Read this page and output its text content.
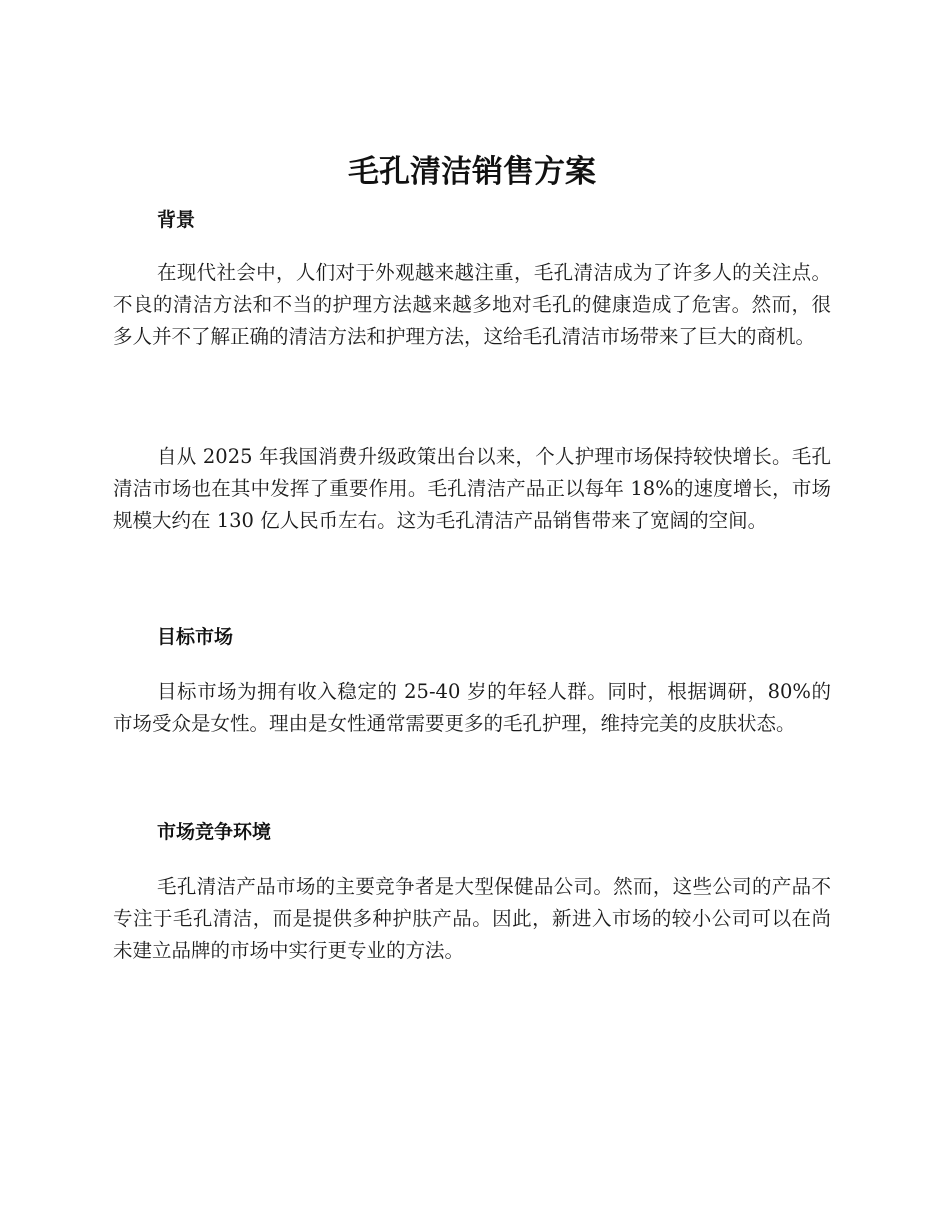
毛孔清洁销售方案
背景

在现代社会中，人们对于外观越来越注重，毛孔清洁成为了许多人的关注点。不良的清洁方法和不当的护理方法越来越多地对毛孔的健康造成了危害。然而，很多人并不了解正确的清洁方法和护理方法，这给毛孔清洁市场带来了巨大的商机。

自从 2025 年我国消费升级政策出台以来，个人护理市场保持较快增长。毛孔清洁市场也在其中发挥了重要作用。毛孔清洁产品正以每年 18%的速度增长，市场规模大约在 130 亿人民币左右。这为毛孔清洁产品销售带来了宽阔的空间。

目标市场

目标市场为拥有收入稳定的 25-40 岁的年轻人群。同时，根据调研，80%的市场受众是女性。理由是女性通常需要更多的毛孔护理，维持完美的皮肤状态。

市场竞争环境

毛孔清洁产品市场的主要竞争者是大型保健品公司。然而，这些公司的产品不专注于毛孔清洁，而是提供多种护肤产品。因此，新进入市场的较小公司可以在尚未建立品牌的市场中实行更专业的方法。
